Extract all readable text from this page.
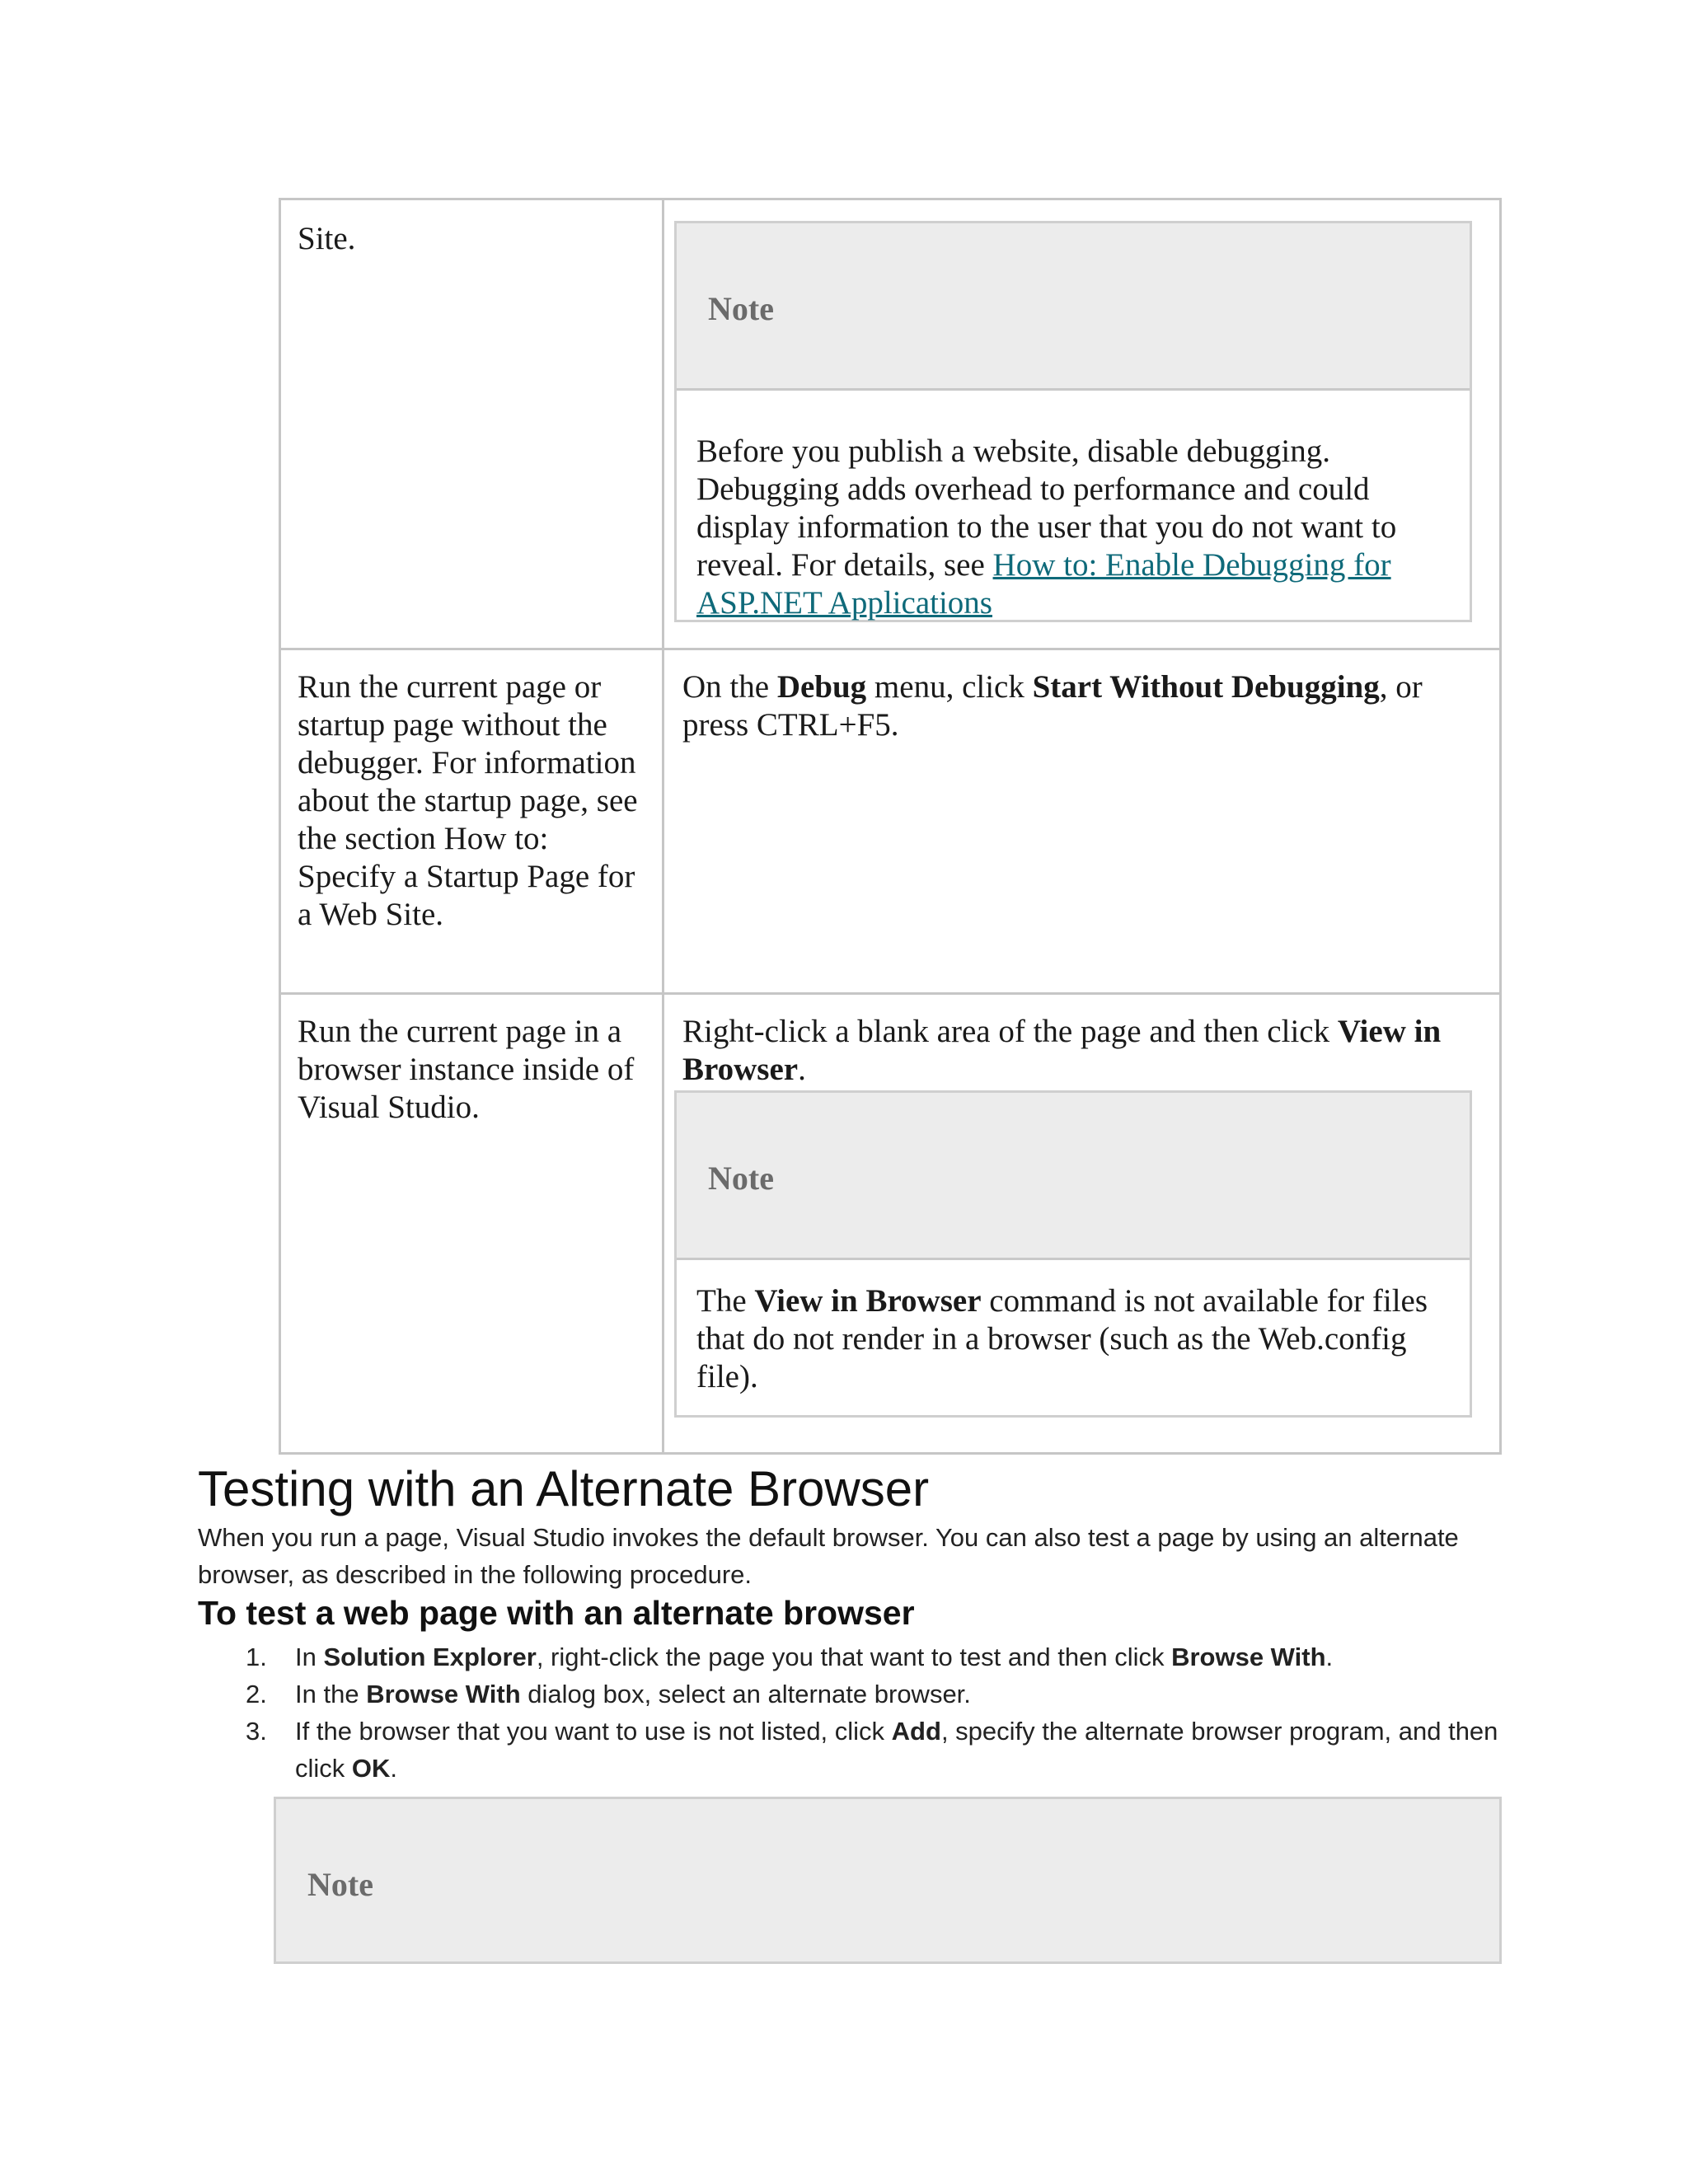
Site.
Note
Before you publish a website, disable debugging. Debugging adds overhead to performance and could display information to the user that you do not want to reveal. For details, see How to: Enable Debugging for ASP.NET Applications
Run the current page or startup page without the debugger. For information about the startup page, see the section How to: Specify a Startup Page for a Web Site.
On the Debug menu, click Start Without Debugging, or press CTRL+F5.
Run the current page in a browser instance inside of Visual Studio.
Right-click a blank area of the page and then click View in Browser.
Note
The View in Browser command is not available for files that do not render in a browser (such as the Web.config file).
Testing with an Alternate Browser
When you run a page, Visual Studio invokes the default browser. You can also test a page by using an alternate browser, as described in the following procedure.
To test a web page with an alternate browser
1. In Solution Explorer, right-click the page you that want to test and then click Browse With.
2. In the Browse With dialog box, select an alternate browser.
3. If the browser that you want to use is not listed, click Add, specify the alternate browser program, and then click OK.
Note
